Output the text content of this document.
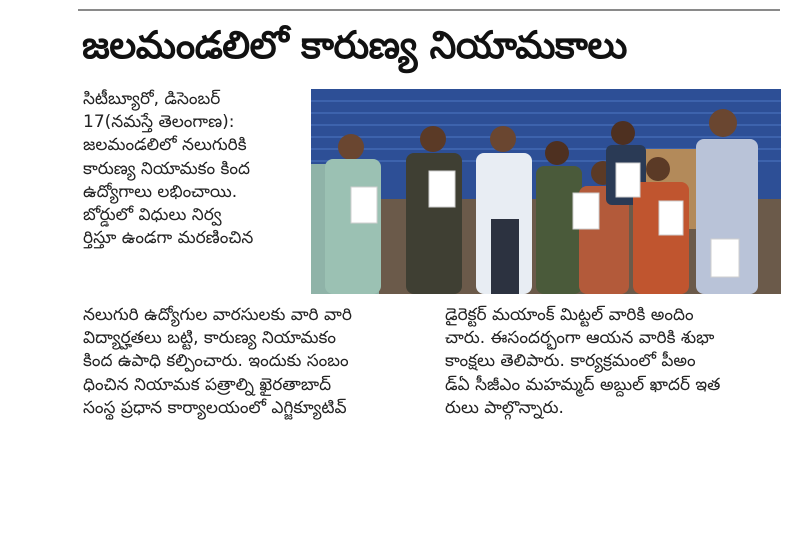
జలమండలిలో కారుణ్య నియామకాలు
సిటీబ్యూరో, డిసెంబర్
17(నమస్తే తెలంగాణ):
జలమండలిలో నలుగురికి
కారుణ్య నియామకం కింద
ఉద్యోగాలు లభించాయి.
బోర్డులో విధులు నిర్వ
ర్తిస్తూ ఉండగా మరణించిన
నలుగురి ఉద్యోగుల వారసులకు వారి వారి
విద్యార్హతలు బట్టి, కారుణ్య నియామకం
కింద ఉపాధి కల్పించారు. ఇందుకు సంబం
ధించిన నియామక పత్రాల్ని ఖైరతాబాద్
సంస్థ ప్రధాన కార్యాలయంలో ఎగ్జిక్యూటివ్
డైరెక్టర్ మయాంక్ మిట్టల్ వారికి అందిం
చారు. ఈసందర్భంగా ఆయన వారికి శుభా
కాంక్షలు తెలిపారు. కార్యక్రమంలో పీఅం
డ్ఏ సీజీఎం మహమ్మద్ అబ్దుల్ ఖాదర్ ఇత
రులు పాల్గొన్నారు.
